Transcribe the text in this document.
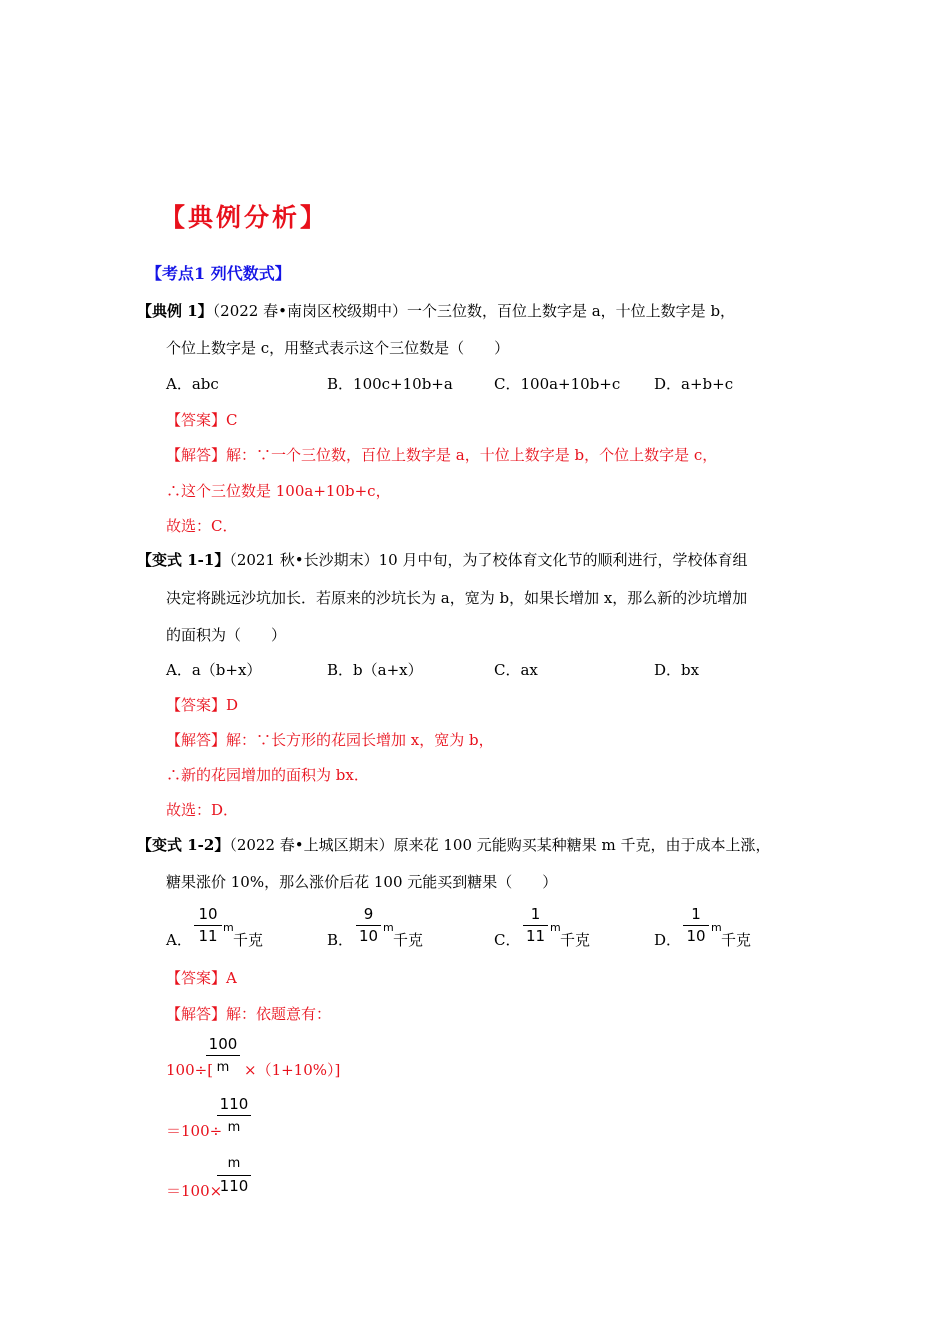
【典例分析】
【考点1 列代数式】
【典例 1】（2022 春•南岗区校级期中）一个三位数，百位上数字是 a，十位上数字是 b，
个位上数字是 c，用整式表示这个三位数是（　　）
A．abc	B．100c+10b+a	C．100a+10b+c D．a+b+c
【答案】C
【解答】解：∵一个三位数，百位上数字是 a，十位上数字是 b，个位上数字是 c，
∴这个三位数是 100a+10b+c，
故选：C．
【变式 1-1】（2021 秋•长沙期末）10 月中旬，为了校体育文化节的顺利进行，学校体育组
决定将跳远沙坑加长．若原来的沙坑长为 a，宽为 b，如果长增加 x，那么新的沙坑增加
的面积为（　　）
A．a（b+x）	B．b（a+x）	C．ax	D．bx
【答案】D
【解答】解：∵长方形的花园长增加 x，宽为 b，
∴新的花园增加的面积为 bx．
故选：D．
【变式 1-2】（2022 春•上城区期末）原来花 100 元能购买某种糖果 m 千克，由于成本上涨，
糖果涨价 10%，那么涨价后花 100 元能买到糖果（　　）
A．
10
11 m
千克	B．
9
10 m
千克	C．
1
11 m
千克	D．
1
10 m
千克
【答案】A
【解答】解：依题意有：
100÷[
100
m ×（1+10%）]
＝100÷
110
m
＝100×
m
110
